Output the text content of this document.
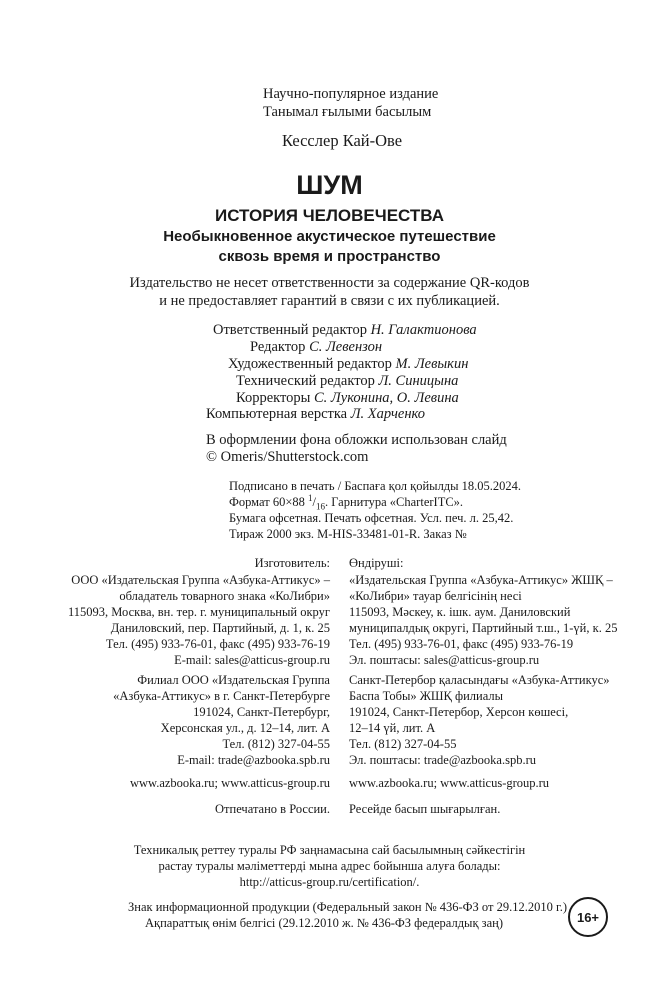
Научно-популярное издание
Танымал ғылыми басылым
Кесслер Кай-Ове
ШУМ
ИСТОРИЯ ЧЕЛОВЕЧЕСТВА
Необыкновенное акустическое путешествие
сквозь время и пространство
Издательство не несет ответственности за содержание QR-кодов
и не предоставляет гарантий в связи с их публикацией.
Ответственный редактор Н. Галактионова
Редактор С. Левензон
Художественный редактор М. Левыкин
Технический редактор Л. Синицына
Корректоры С. Луконина, О. Левина
Компьютерная верстка Л. Харченко
В оформлении фона обложки использован слайд
© Omeris/Shutterstock.com
Подписано в печать / Баспаға қол қойылды 18.05.2024.
Формат 60×88 $^1/_{16}$. Гарнитура «CharterITC».
Бумага офсетная. Печать офсетная. Усл. печ. л. 25,42.
Тираж 2000 экз. M-HIS-33481-01-R. Заказ №
Изготовитель:
ООО «Издательская Группа «Азбука-Аттикус» –
обладатель товарного знака «КоЛибри»
115093, Москва, вн. тер. г. муниципальный округ
Даниловский, пер. Партийный, д. 1, к. 25
Тел. (495) 933-76-01, факс (495) 933-76-19
E-mail: sales@atticus-group.ru
Филиал ООО «Издательская Группа
«Азбука-Аттикус» в г. Санкт-Петербурге
191024, Санкт-Петербург,
Херсонская ул., д. 12–14, лит. А
Тел. (812) 327-04-55
E-mail: trade@azbooka.spb.ru
www.azbooka.ru; www.atticus-group.ru
Отпечатано в России.
Өндіруші:
«Издательская Группа «Азбука-Аттикус» ЖШҚ –
«КоЛибри» тауар белгісінің несі
115093, Мәскеу, к. ішк. аум. Даниловский
муниципалдық округі, Партийный т.ш., 1-үй, к. 25
Тел. (495) 933-76-01, факс (495) 933-76-19
Эл. поштасы: sales@atticus-group.ru
Санкт-Петербор қаласындағы «Азбука-Аттикус»
Баспа Тобы» ЖШҚ филиалы
191024, Санкт-Петербор, Херсон көшесі,
12–14 үй, лит. А
Тел. (812) 327-04-55
Эл. поштасы: trade@azbooka.spb.ru
www.azbooka.ru; www.atticus-group.ru
Ресейде басып шығарылған.
Техникалық реттеу туралы РФ заңнамасына сай басылымның сәйкестігін
растау туралы мәліметтерді мына адрес бойынша алуға болады:
http://atticus-group.ru/certification/.
Знак информационной продукции (Федеральный закон № 436-ФЗ от 29.12.2010 г.)
Ақпараттық өнім белгісі (29.12.2010 ж. № 436-ФЗ федералдық заң)	16+
